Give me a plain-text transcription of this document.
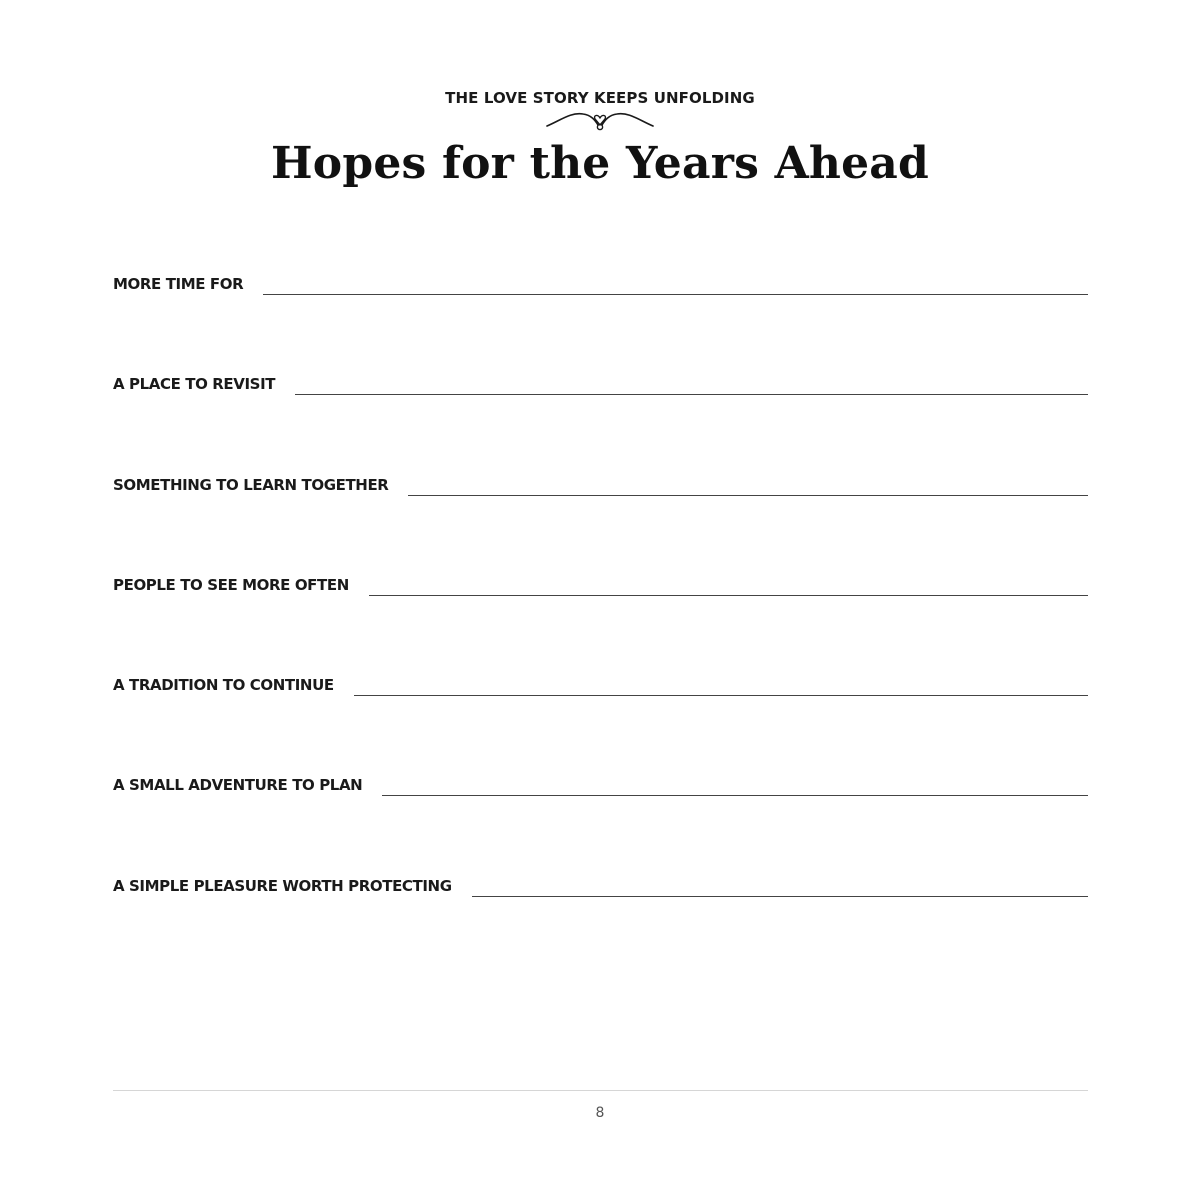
THE LOVE STORY KEEPS UNFOLDING
Hopes for the Years Ahead
MORE TIME FOR
A PLACE TO REVISIT
SOMETHING TO LEARN TOGETHER
PEOPLE TO SEE MORE OFTEN
A TRADITION TO CONTINUE
A SMALL ADVENTURE TO PLAN
A SIMPLE PLEASURE WORTH PROTECTING
8
